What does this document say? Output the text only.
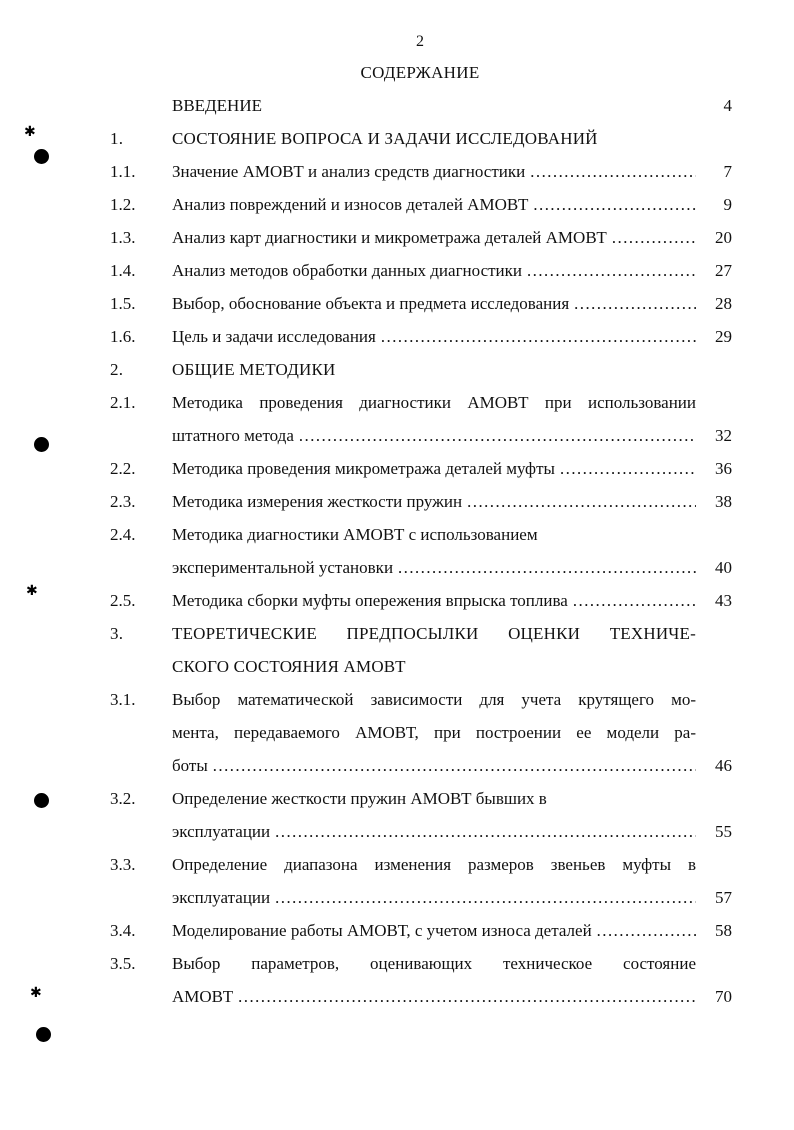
2
СОДЕРЖАНИЕ
ВВЕДЕНИЕ	4
1.	СОСТОЯНИЕ ВОПРОСА И ЗАДАЧИ ИССЛЕДОВАНИЙ
1.1.	Значение АМОВТ и анализ средств диагностики ………………………………………………………………………………………………………………………………………………	7
1.2.	Анализ повреждений и износов деталей АМОВТ ………………………………………………………………………………………………………………………………………………	9
1.3.	Анализ карт диагностики и микрометража деталей АМОВТ ………………………………………………………………………………………………………………………………………………	20
1.4.	Анализ методов обработки данных диагностики ………………………………………………………………………………………………………………………………………………	27
1.5.	Выбор, обоснование объекта и предмета исследования ………………………………………………………………………………………………………………………………………………	28
1.6.	Цель и задачи исследования ………………………………………………………………………………………………………………………………………………	29
2.	ОБЩИЕ МЕТОДИКИ
2.1.	Методика проведения диагностики АМОВТ при использовании
штатного метода ………………………………………………………………………………………………………………………………………………	32
2.2.	Методика проведения микрометража деталей муфты ………………………………………………………………………………………………………………………………………………	36
2.3.	Методика измерения жесткости пружин ………………………………………………………………………………………………………………………………………………	38
2.4.	Методика диагностики АМОВТ с использованием
экспериментальной установки ………………………………………………………………………………………………………………………………………………	40
2.5.	Методика сборки муфты опережения впрыска топлива ………………………………………………………………………………………………………………………………………………	43
3.	ТЕОРЕТИЧЕСКИЕ ПРЕДПОСЫЛКИ ОЦЕНКИ ТЕХНИЧЕ-
СКОГО СОСТОЯНИЯ АМОВТ
3.1.	Выбор математической зависимости для учета крутящего мо-
мента, передаваемого АМОВТ, при построении ее модели ра-
боты ………………………………………………………………………………………………………………………………………………	46
3.2.	Определение жесткости пружин АМОВТ бывших в
эксплуатации ………………………………………………………………………………………………………………………………………………	55
3.3.	Определение диапазона изменения размеров звеньев муфты в
эксплуатации ………………………………………………………………………………………………………………………………………………	57
3.4.	Моделирование работы АМОВТ, с учетом износа деталей ………………………………………………………………………………………………………………………………………………	58
3.5.	Выбор параметров, оценивающих техническое состояние
АМОВТ ………………………………………………………………………………………………………………………………………………	70
✱
✱
✱
